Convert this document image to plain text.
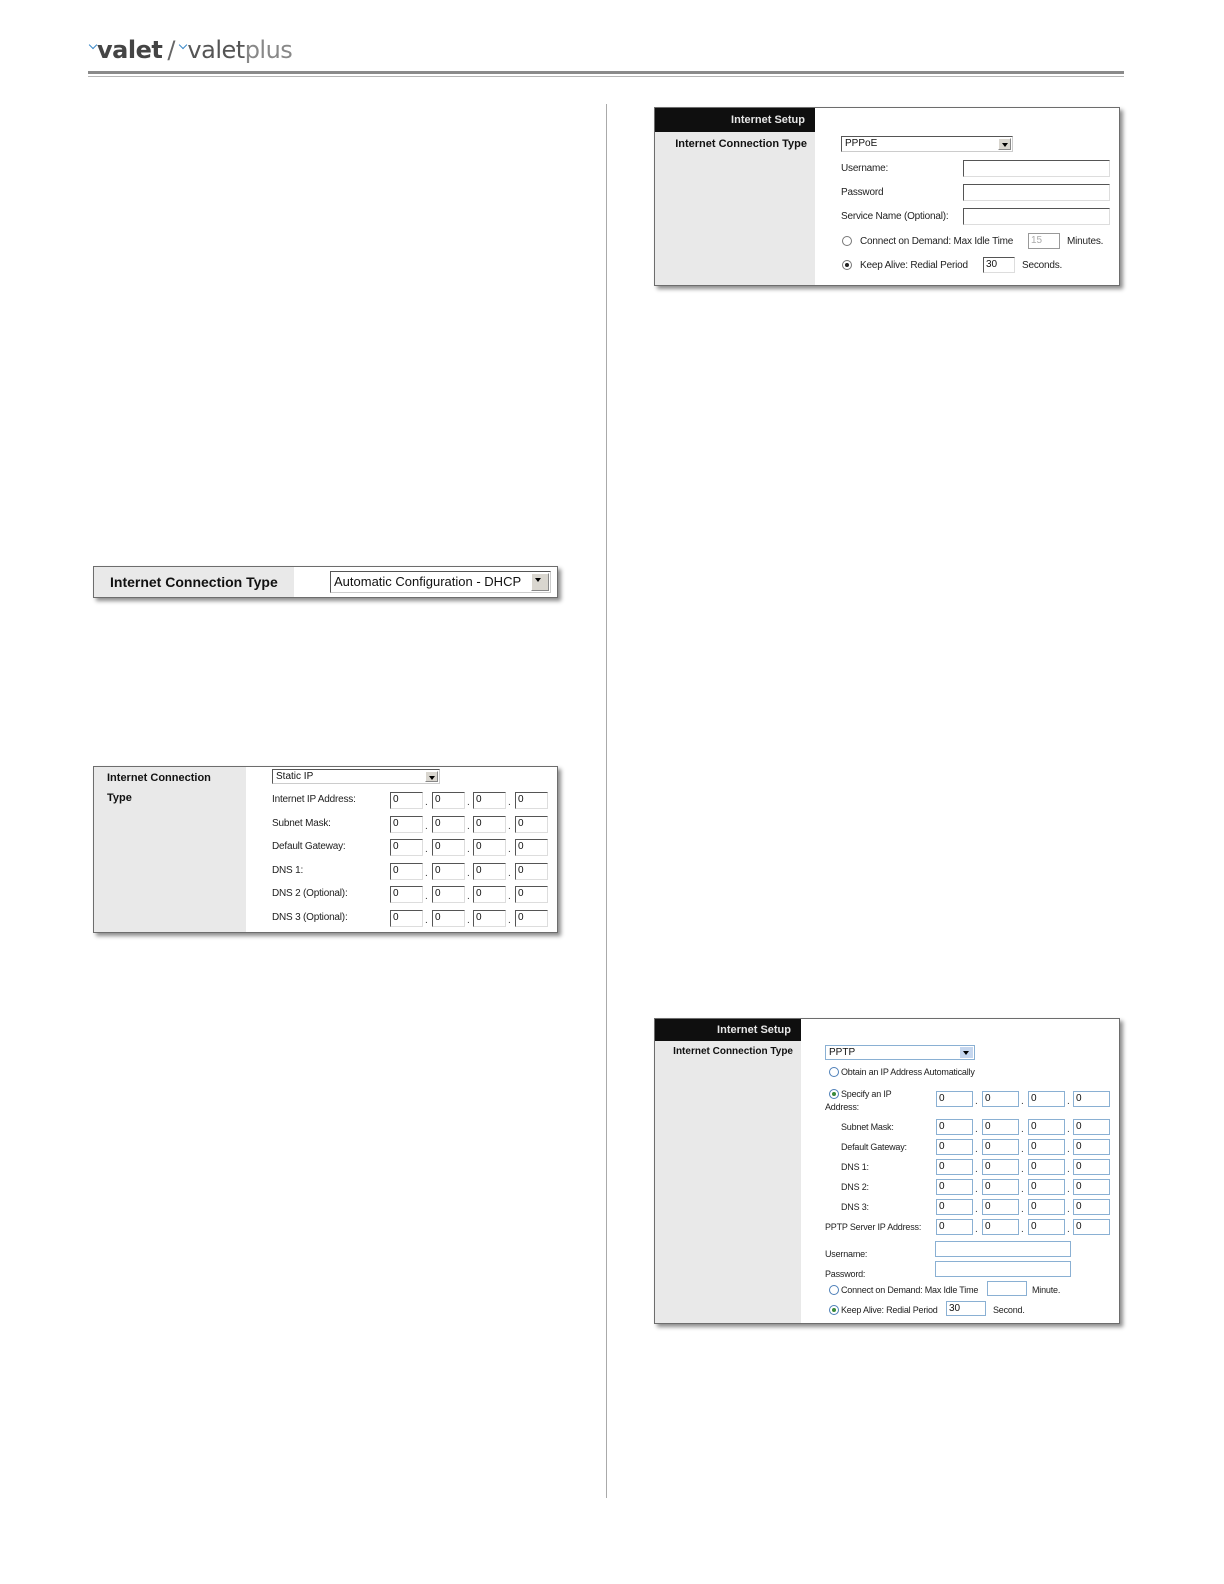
valet / valet plus
Internet Connection Type	Automatic Configuration - DHCP
Internet Connection Type
Static IP
Internet IP Address:	0	. 0	. 0	. 0
Subnet Mask:	0	. 0	. 0	. 0
Default Gateway:	0	. 0	. 0	. 0
DNS 1:	0	. 0	. 0	. 0
DNS 2 (Optional):	0	. 0	. 0	. 0
DNS 3 (Optional):	0	. 0	. 0	. 0
Internet Setup
Internet Connection Type	PPPoE
Username:
Password
Service Name (Optional):
Connect on Demand: Max Idle Time	15	Minutes.
Keep Alive: Redial Period	30	Seconds.
Internet Setup
Internet Connection Type	PPTP
Obtain an IP Address Automatically
Specify an IP
Address:
0	. 0	. 0	. 0
Subnet Mask:	0	. 0	. 0	. 0
Default Gateway:	0	. 0	. 0	. 0
DNS 1:	0	. 0	. 0	. 0
DNS 2:	0	. 0	. 0	. 0
DNS 3:	0	. 0	. 0	. 0
PPTP Server IP Address:	0	. 0	. 0	. 0
Username:
Password:
Connect on Demand: Max Idle Time	Minute.
Keep Alive: Redial Period	30	Second.
